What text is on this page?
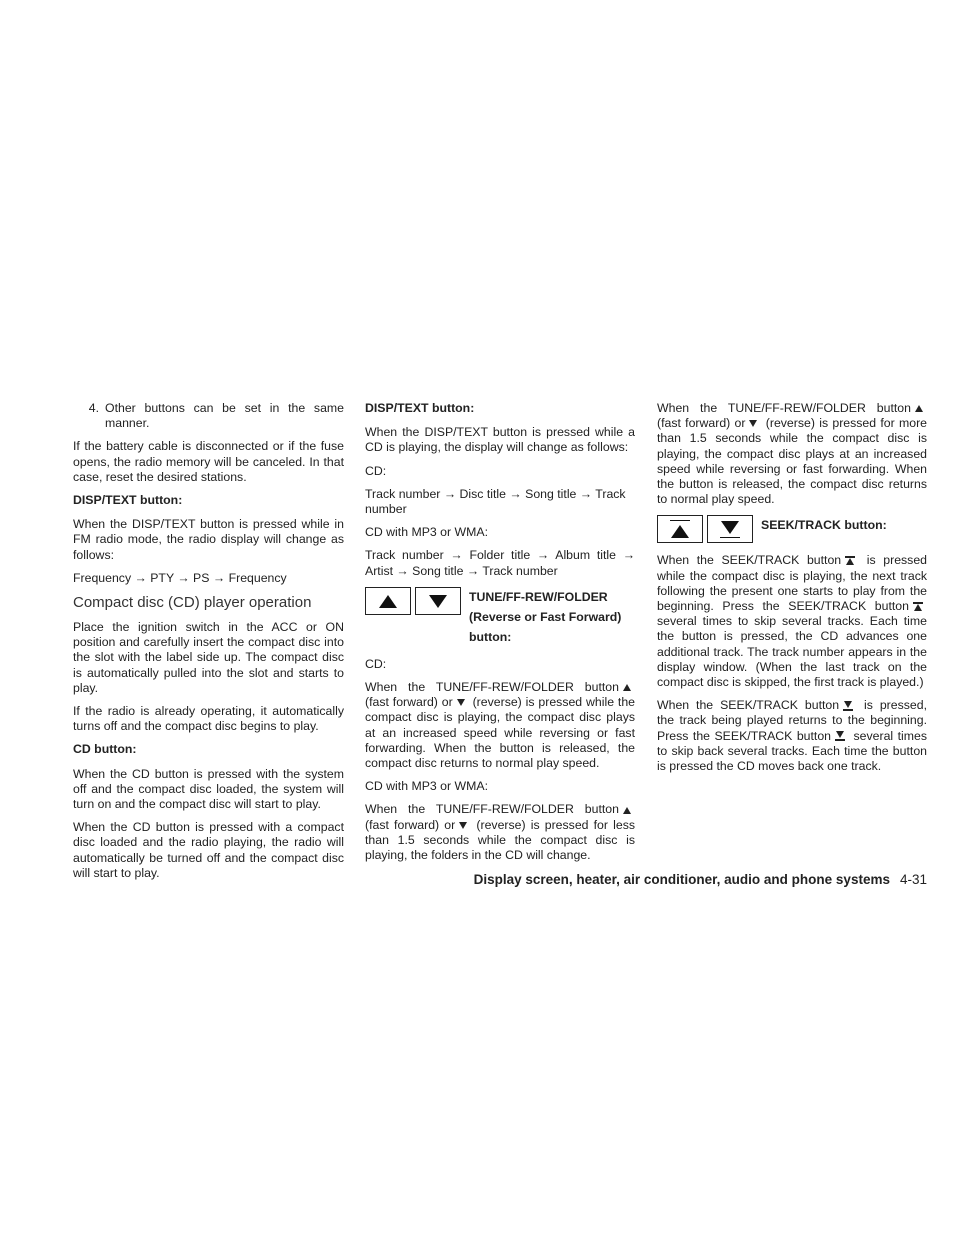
4. Other buttons can be set in the same manner.

If the battery cable is disconnected or if the fuse opens, the radio memory will be canceled. In that case, reset the desired stations.

DISP/TEXT button:

When the DISP/TEXT button is pressed while in FM radio mode, the radio display will change as follows:

Frequency → PTY → PS → Frequency

Compact disc (CD) player operation

Place the ignition switch in the ACC or ON position and carefully insert the compact disc into the slot with the label side up. The compact disc is automatically pulled into the slot and starts to play.

If the radio is already operating, it automatically turns off and the compact disc begins to play.

CD button:

When the CD button is pressed with the system off and the compact disc loaded, the system will turn on and the compact disc will start to play.

When the CD button is pressed with a compact disc loaded and the radio playing, the radio will automatically be turned off and the compact disc will start to play.

DISP/TEXT button:

When the DISP/TEXT button is pressed while a CD is playing, the display will change as follows:

CD:

Track number → Disc title → Song title → Track number

CD with MP3 or WMA:

Track number → Folder title → Album title → Artist → Song title → Track number

TUNE/FF-REW/FOLDER
(Reverse or Fast Forward)
button:

CD:

When the TUNE/FF-REW/FOLDER button (fast forward) or (reverse) is pressed while the compact disc is playing, the compact disc plays at an increased speed while reversing or fast forwarding. When the button is released, the compact disc returns to normal play speed.

CD with MP3 or WMA:

When the TUNE/FF-REW/FOLDER button (fast forward) or (reverse) is pressed for less than 1.5 seconds while the compact disc is playing, the folders in the CD will change.

When the TUNE/FF-REW/FOLDER button (fast forward) or (reverse) is pressed for more than 1.5 seconds while the compact disc is playing, the compact disc plays at an increased speed while reversing or fast forwarding. When the button is released, the compact disc returns to normal play speed.

SEEK/TRACK button:

When the SEEK/TRACK button is pressed while the compact disc is playing, the next track following the present one starts to play from the beginning. Press the SEEK/TRACK button
several times to skip several tracks. Each time the button is pressed, the CD advances one additional track. The track number appears in the display window. (When the last track on the compact disc is skipped, the first track is played.)

When the SEEK/TRACK button is pressed, the track being played returns to the beginning. Press the SEEK/TRACK button several times to skip back several tracks. Each time the button is pressed the CD moves back one track.

Display screen, heater, air conditioner, audio and phone systems 4-31
